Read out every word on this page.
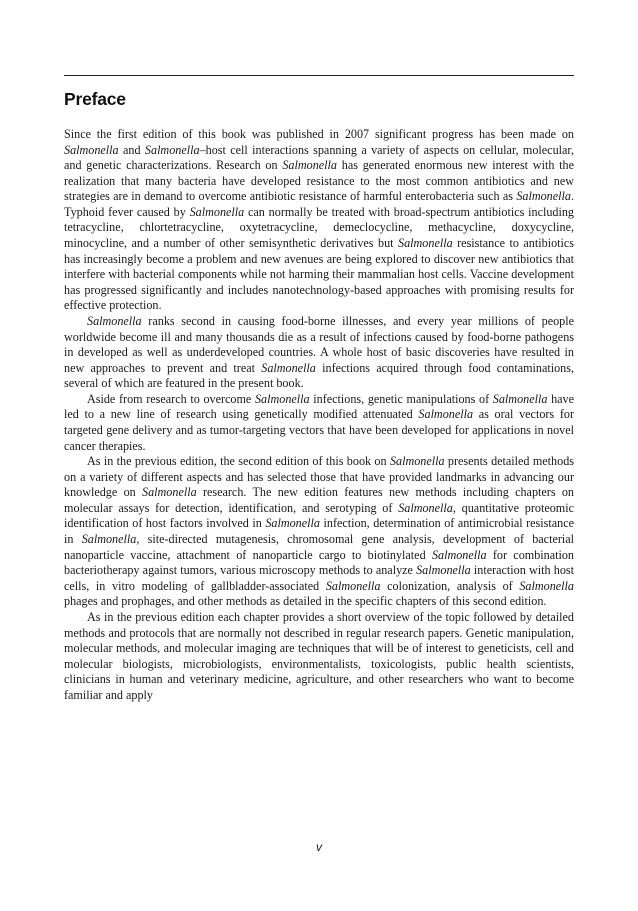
Preface

Since the first edition of this book was published in 2007 significant progress has been made on Salmonella and Salmonella–host cell interactions spanning a variety of aspects on cellular, molecular, and genetic characterizations. Research on Salmonella has generated enormous new interest with the realization that many bacteria have developed resistance to the most common antibiotics and new strategies are in demand to overcome antibiotic resistance of harmful enterobacteria such as Salmonella. Typhoid fever caused by Salmonella can normally be treated with broad-spectrum antibiotics including tetracycline, chlortetracycline, oxytetracycline, demeclocycline, methacycline, doxycycline, minocycline, and a number of other semisynthetic derivatives but Salmonella resistance to antibiotics has increasingly become a problem and new avenues are being explored to discover new antibiotics that interfere with bacterial components while not harming their mammalian host cells. Vaccine development has progressed significantly and includes nanotechnology-based approaches with promising results for effective protection.

Salmonella ranks second in causing food-borne illnesses, and every year millions of people worldwide become ill and many thousands die as a result of infections caused by food-borne pathogens in developed as well as underdeveloped countries. A whole host of basic discoveries have resulted in new approaches to prevent and treat Salmonella infections acquired through food contaminations, several of which are featured in the present book.

Aside from research to overcome Salmonella infections, genetic manipulations of Salmonella have led to a new line of research using genetically modified attenuated Salmonella as oral vectors for targeted gene delivery and as tumor-targeting vectors that have been developed for applications in novel cancer therapies.

As in the previous edition, the second edition of this book on Salmonella presents detailed methods on a variety of different aspects and has selected those that have provided landmarks in advancing our knowledge on Salmonella research. The new edition features new methods including chapters on molecular assays for detection, identification, and serotyping of Salmonella, quantitative proteomic identification of host factors involved in Salmonella infection, determination of antimicrobial resistance in Salmonella, site-directed mutagenesis, chromosomal gene analysis, development of bacterial nanoparticle vaccine, attachment of nanoparticle cargo to biotinylated Salmonella for combination bacteriotherapy against tumors, various microscopy methods to analyze Salmonella interaction with host cells, in vitro modeling of gallbladder-associated Salmonella colonization, analysis of Salmonella phages and prophages, and other methods as detailed in the specific chapters of this second edition.

As in the previous edition each chapter provides a short overview of the topic followed by detailed methods and protocols that are normally not described in regular research papers. Genetic manipulation, molecular methods, and molecular imaging are techniques that will be of interest to geneticists, cell and molecular biologists, microbiologists, environmentalists, toxicologists, public health scientists, clinicians in human and veterinary medicine, agriculture, and other researchers who want to become familiar and apply

v
